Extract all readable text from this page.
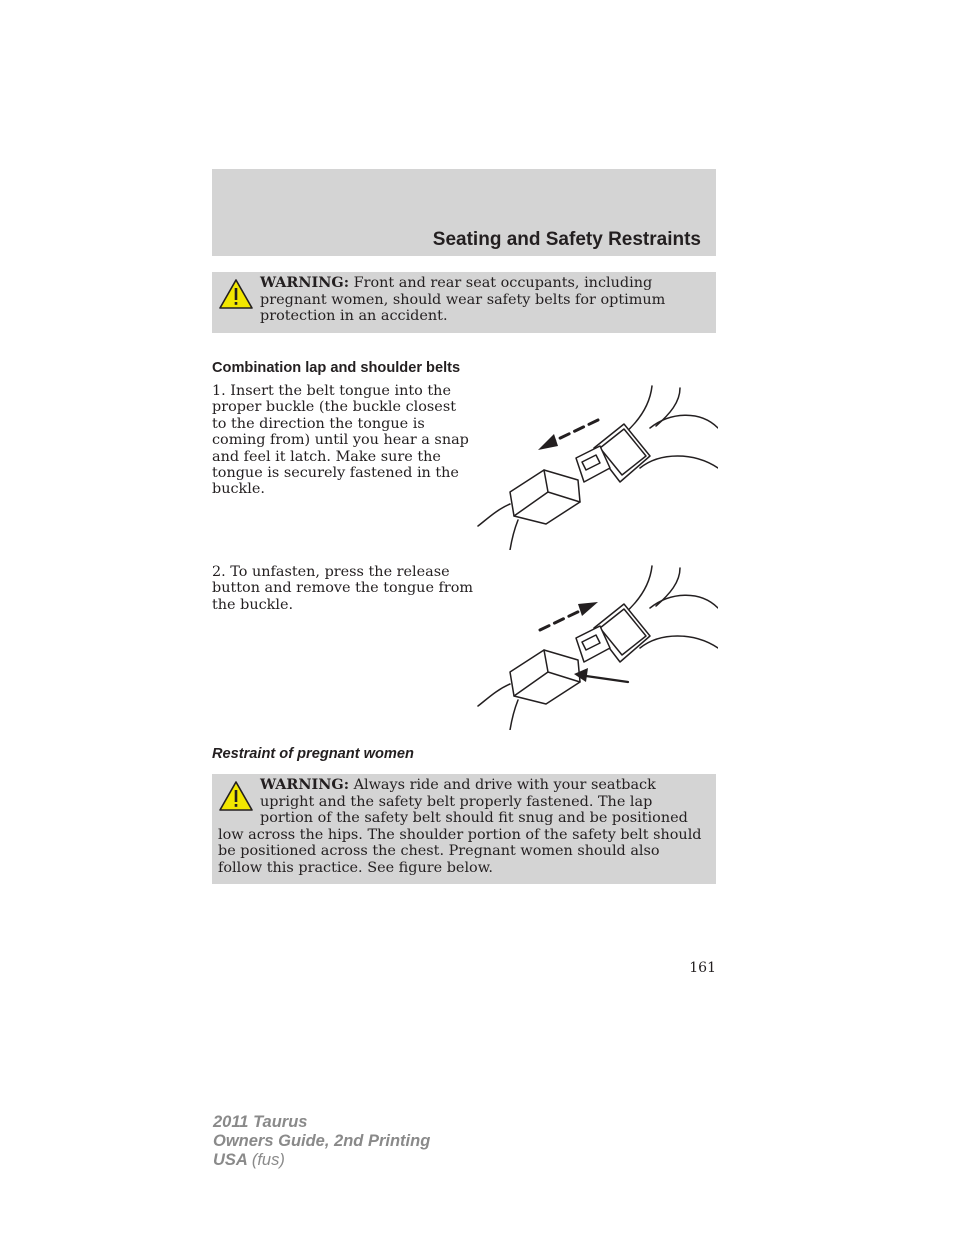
Seating and Safety Restraints
WARNING: Front and rear seat occupants, including pregnant women, should wear safety belts for optimum protection in an accident.
Combination lap and shoulder belts
1. Insert the belt tongue into the proper buckle (the buckle closest to the direction the tongue is coming from) until you hear a snap and feel it latch. Make sure the tongue is securely fastened in the buckle.
2. To unfasten, press the release button and remove the tongue from the buckle.
Restraint of pregnant women
WARNING: Always ride and drive with your seatback upright and the safety belt properly fastened. The lap portion of the safety belt should fit snug and be positioned low across the hips. The shoulder portion of the safety belt should be positioned across the chest. Pregnant women should also follow this practice. See figure below.
161
2011 Taurus
Owners Guide, 2nd Printing
USA (fus)
